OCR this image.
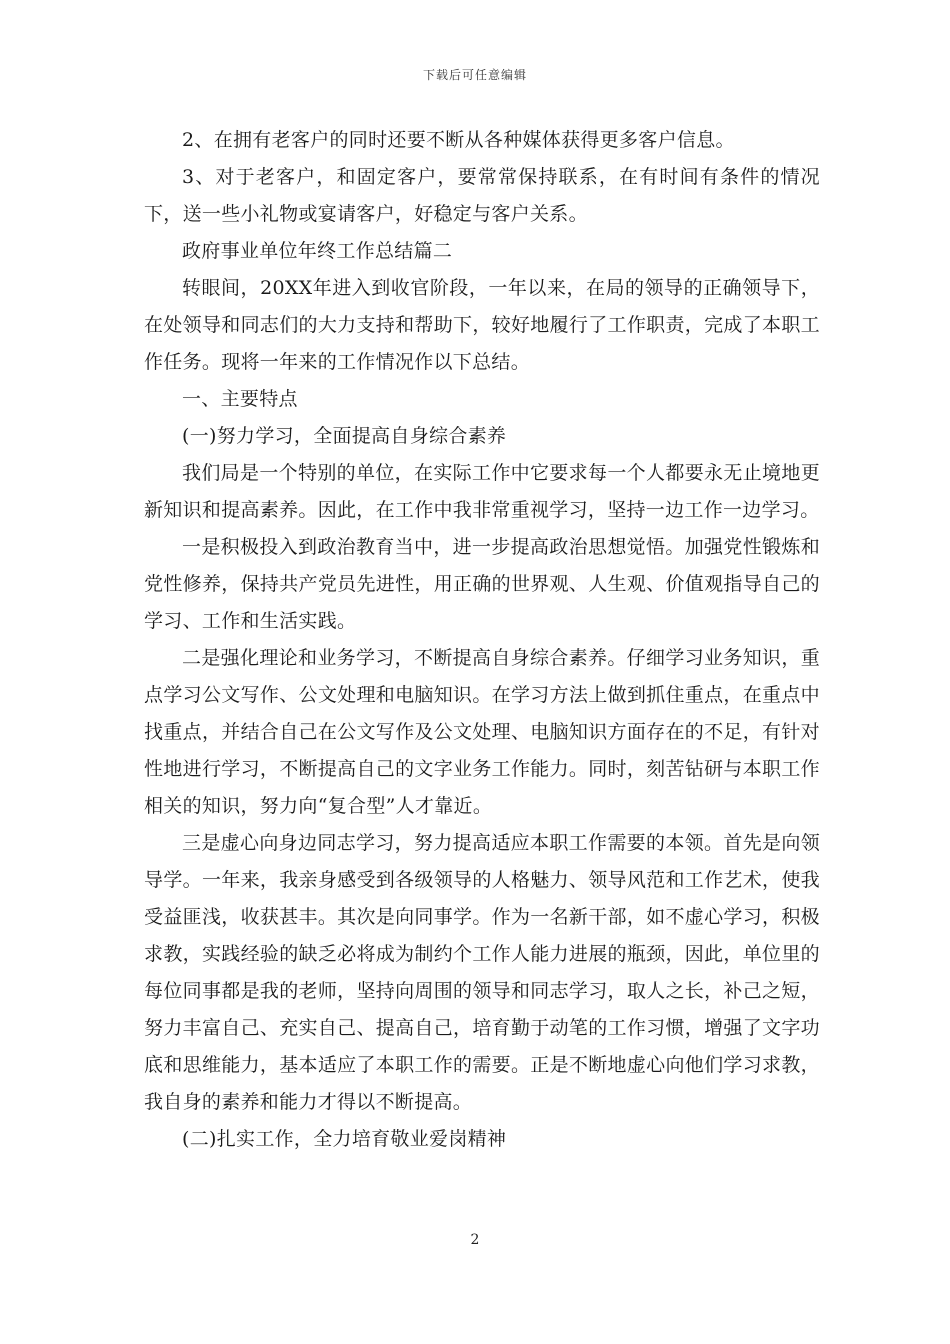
下载后可任意编辑

2、在拥有老客户的同时还要不断从各种媒体获得更多客户信息。

3、对于老客户，和固定客户，要常常保持联系，在有时间有条件的情况下，送一些小礼物或宴请客户，好稳定与客户关系。

政府事业单位年终工作总结篇二

转眼间，20XX年进入到收官阶段，一年以来，在局的领导的正确领导下，在处领导和同志们的大力支持和帮助下，较好地履行了工作职责，完成了本职工作任务。现将一年来的工作情况作以下总结。

一、主要特点

(一)努力学习，全面提高自身综合素养

我们局是一个特别的单位，在实际工作中它要求每一个人都要永无止境地更新知识和提高素养。因此，在工作中我非常重视学习，坚持一边工作一边学习。

一是积极投入到政治教育当中，进一步提高政治思想觉悟。加强党性锻炼和党性修养，保持共产党员先进性，用正确的世界观、人生观、价值观指导自己的学习、工作和生活实践。

二是强化理论和业务学习，不断提高自身综合素养。仔细学习业务知识，重点学习公文写作、公文处理和电脑知识。在学习方法上做到抓住重点，在重点中找重点，并结合自己在公文写作及公文处理、电脑知识方面存在的不足，有针对性地进行学习，不断提高自己的文字业务工作能力。同时，刻苦钻研与本职工作相关的知识，努力向“复合型”人才靠近。

三是虚心向身边同志学习，努力提高适应本职工作需要的本领。首先是向领导学。一年来，我亲身感受到各级领导的人格魅力、领导风范和工作艺术，使我受益匪浅，收获甚丰。其次是向同事学。作为一名新干部，如不虚心学习，积极求教，实践经验的缺乏必将成为制约个工作人能力进展的瓶颈，因此，单位里的每位同事都是我的老师，坚持向周围的领导和同志学习，取人之长，补己之短，努力丰富自己、充实自己、提高自己，培育勤于动笔的工作习惯，增强了文字功底和思维能力，基本适应了本职工作的需要。正是不断地虚心向他们学习求教，我自身的素养和能力才得以不断提高。

(二)扎实工作，全力培育敬业爱岗精神

2
